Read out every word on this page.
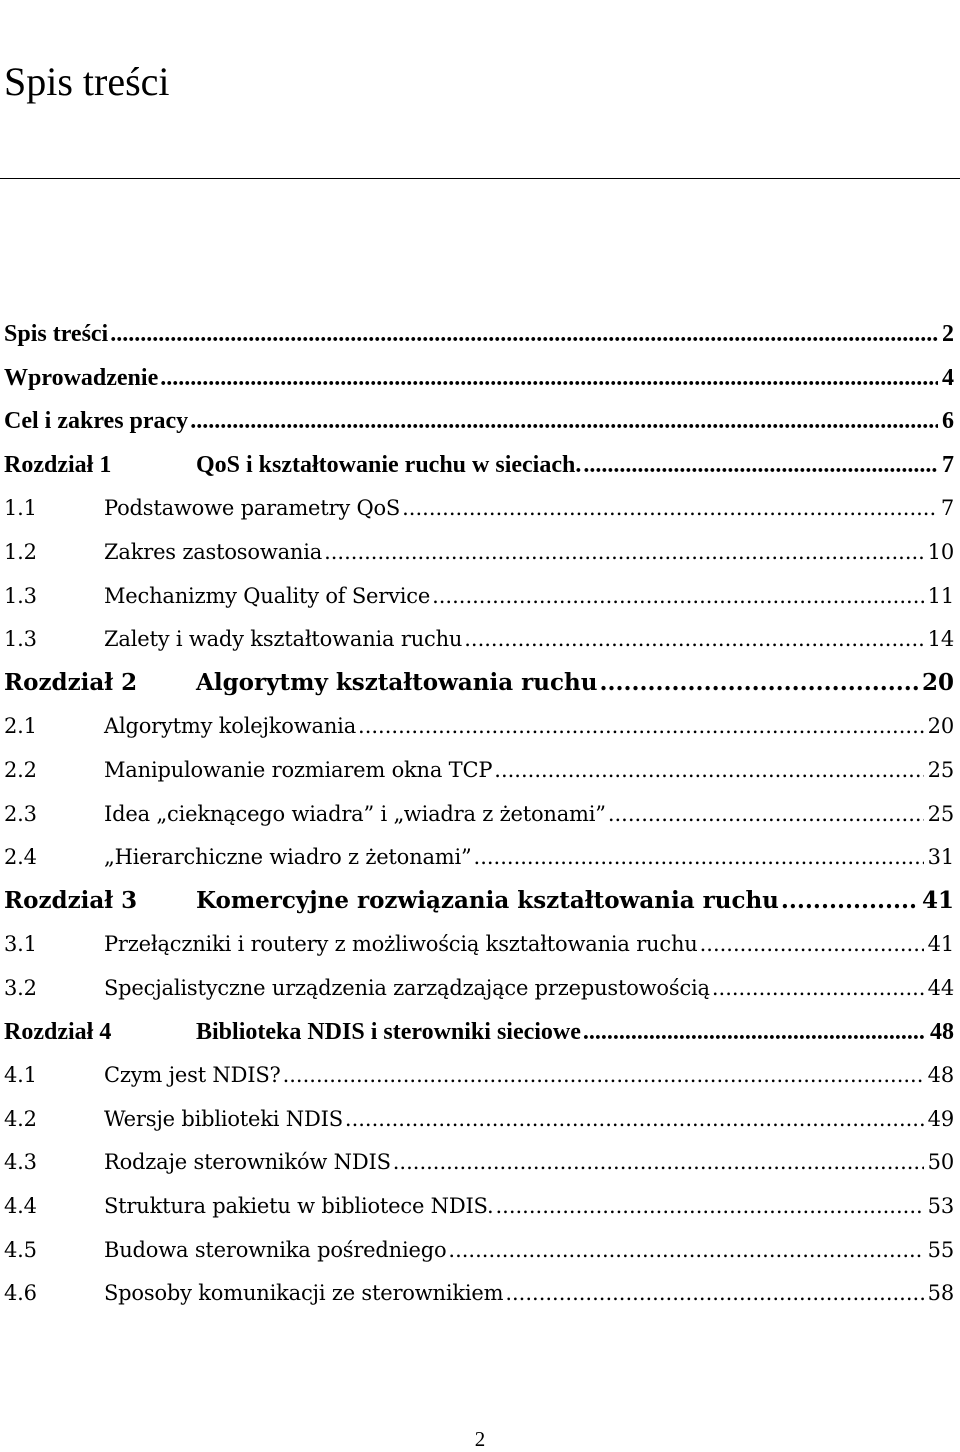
Spis treści
Spis treści .....	2
Wprowadzenie .....	4
Cel i zakres pracy .....	6
Rozdział 1	QoS i kształtowanie ruchu w sieciach. .....	7
1.1	Podstawowe parametry QoS .....	7
1.2	Zakres zastosowania .....	10
1.3	Mechanizmy Quality of Service .....	11
1.3	Zalety i wady kształtowania ruchu .....	14
Rozdział 2	Algorytmy kształtowania ruchu .....	20
2.1	Algorytmy kolejkowania .....	20
2.2	Manipulowanie rozmiarem okna TCP .....	25
2.3	Idea „cieknącego wiadra” i „wiadra z żetonami” .....	25
2.4	„Hierarchiczne wiadro z żetonami” .....	31
Rozdział 3	Komercyjne rozwiązania kształtowania ruchu .....	41
3.1	Przełączniki i routery z możliwością kształtowania ruchu .....	41
3.2	Specjalistyczne urządzenia zarządzające przepustowością .....	44
Rozdział 4	Biblioteka NDIS i sterowniki sieciowe .....	48
4.1	Czym jest NDIS? .....	48
4.2	Wersje biblioteki NDIS .....	49
4.3	Rodzaje sterowników NDIS .....	50
4.4	Struktura pakietu w bibliotece NDIS. .....	53
4.5	Budowa sterownika pośredniego .....	55
4.6	Sposoby komunikacji ze sterownikiem .....	58
2
